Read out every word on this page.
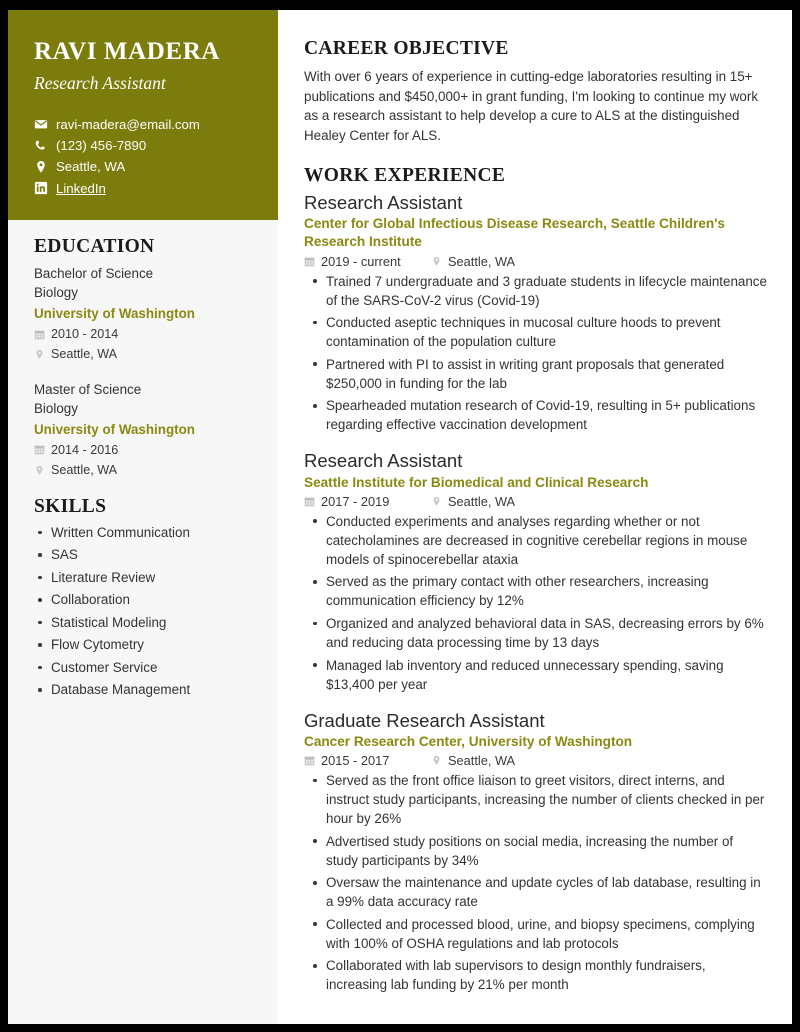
RAVI MADERA
Research Assistant
ravi-madera@email.com
(123) 456-7890
Seattle, WA
LinkedIn
EDUCATION
Bachelor of Science
Biology
University of Washington
2010 - 2014
Seattle, WA
Master of Science
Biology
University of Washington
2014 - 2016
Seattle, WA
SKILLS
Written Communication
SAS
Literature Review
Collaboration
Statistical Modeling
Flow Cytometry
Customer Service
Database Management
CAREER OBJECTIVE

With over 6 years of experience in cutting-edge laboratories resulting in 15+ publications and $450,000+ in grant funding, I'm looking to continue my work as a research assistant to help develop a cure to ALS at the distinguished Healey Center for ALS.

WORK EXPERIENCE
Research Assistant
Center for Global Infectious Disease Research, Seattle Children's Research Institute
2019 - current	Seattle, WA
Trained 7 undergraduate and 3 graduate students in lifecycle maintenance of the SARS-CoV-2 virus (Covid-19)
Conducted aseptic techniques in mucosal culture hoods to prevent contamination of the population culture
Partnered with PI to assist in writing grant proposals that generated $250,000 in funding for the lab
Spearheaded mutation research of Covid-19, resulting in 5+ publications regarding effective vaccination development
Research Assistant
Seattle Institute for Biomedical and Clinical Research
2017 - 2019	Seattle, WA
Conducted experiments and analyses regarding whether or not catecholamines are decreased in cognitive cerebellar regions in mouse models of spinocerebellar ataxia
Served as the primary contact with other researchers, increasing communication efficiency by 12%
Organized and analyzed behavioral data in SAS, decreasing errors by 6% and reducing data processing time by 13 days
Managed lab inventory and reduced unnecessary spending, saving $13,400 per year
Graduate Research Assistant
Cancer Research Center, University of Washington
2015 - 2017	Seattle, WA
Served as the front office liaison to greet visitors, direct interns, and instruct study participants, increasing the number of clients checked in per hour by 26%
Advertised study positions on social media, increasing the number of study participants by 34%
Oversaw the maintenance and update cycles of lab database, resulting in a 99% data accuracy rate
Collected and processed blood, urine, and biopsy specimens, complying with 100% of OSHA regulations and lab protocols
Collaborated with lab supervisors to design monthly fundraisers, increasing lab funding by 21% per month
